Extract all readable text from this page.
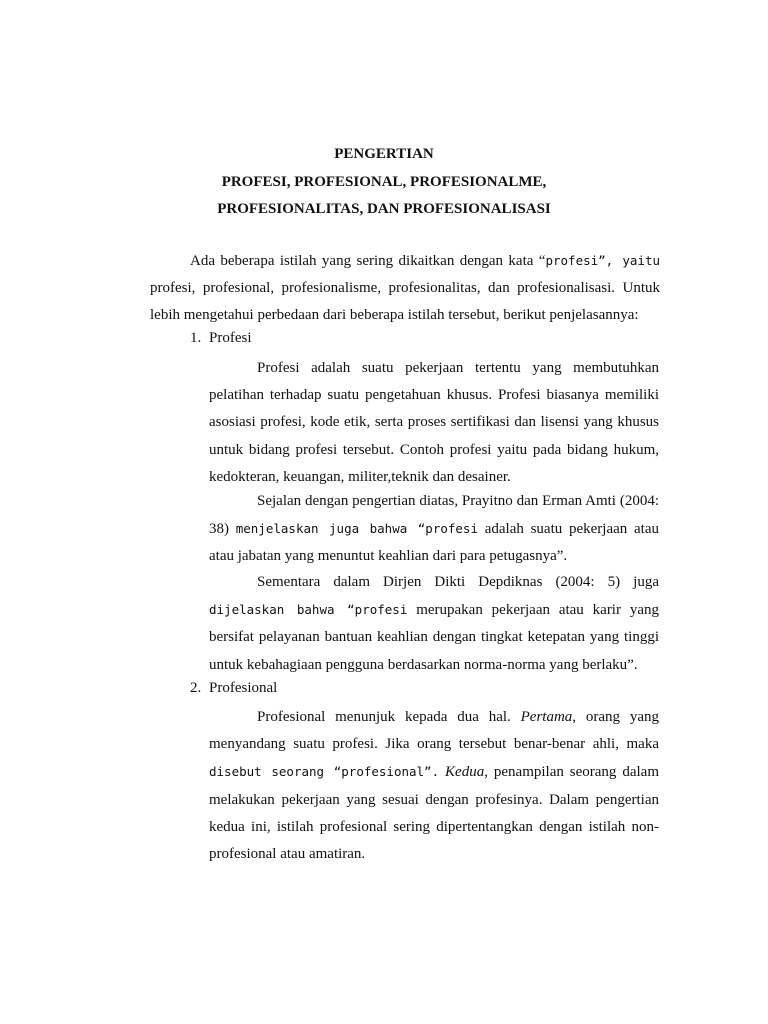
PENGERTIAN
PROFESI, PROFESIONAL, PROFESIONALME,
PROFESIONALITAS, DAN PROFESIONALISASI

Ada beberapa istilah yang sering dikaitkan dengan kata “profesi”, yaitu profesi, profesional, profesionalisme, profesionalitas, dan profesionalisasi. Untuk lebih mengetahui perbedaan dari beberapa istilah tersebut, berikut penjelasannya:

1. Profesi

Profesi adalah suatu pekerjaan tertentu yang membutuhkan pelatihan terhadap suatu pengetahuan khusus. Profesi biasanya memiliki asosiasi profesi, kode etik, serta proses sertifikasi dan lisensi yang khusus untuk bidang profesi tersebut. Contoh profesi yaitu pada bidang hukum, kedokteran, keuangan, militer,teknik dan desainer.

Sejalan dengan pengertian diatas, Prayitno dan Erman Amti (2004: 38) menjelaskan juga bahwa “profesi adalah suatu pekerjaan atau atau jabatan yang menuntut keahlian dari para petugasnya”.

Sementara dalam Dirjen Dikti Depdiknas (2004: 5) juga dijelaskan bahwa “profesi merupakan pekerjaan atau karir yang bersifat pelayanan bantuan keahlian dengan tingkat ketepatan yang tinggi untuk kebahagiaan pengguna berdasarkan norma-norma yang berlaku”.

2. Profesional

Profesional menunjuk kepada dua hal. Pertama, orang yang menyandang suatu profesi. Jika orang tersebut benar-benar ahli, maka disebut seorang “profesional”. Kedua, penampilan seorang dalam melakukan pekerjaan yang sesuai dengan profesinya. Dalam pengertian kedua ini, istilah profesional sering dipertentangkan dengan istilah non-profesional atau amatiran.
